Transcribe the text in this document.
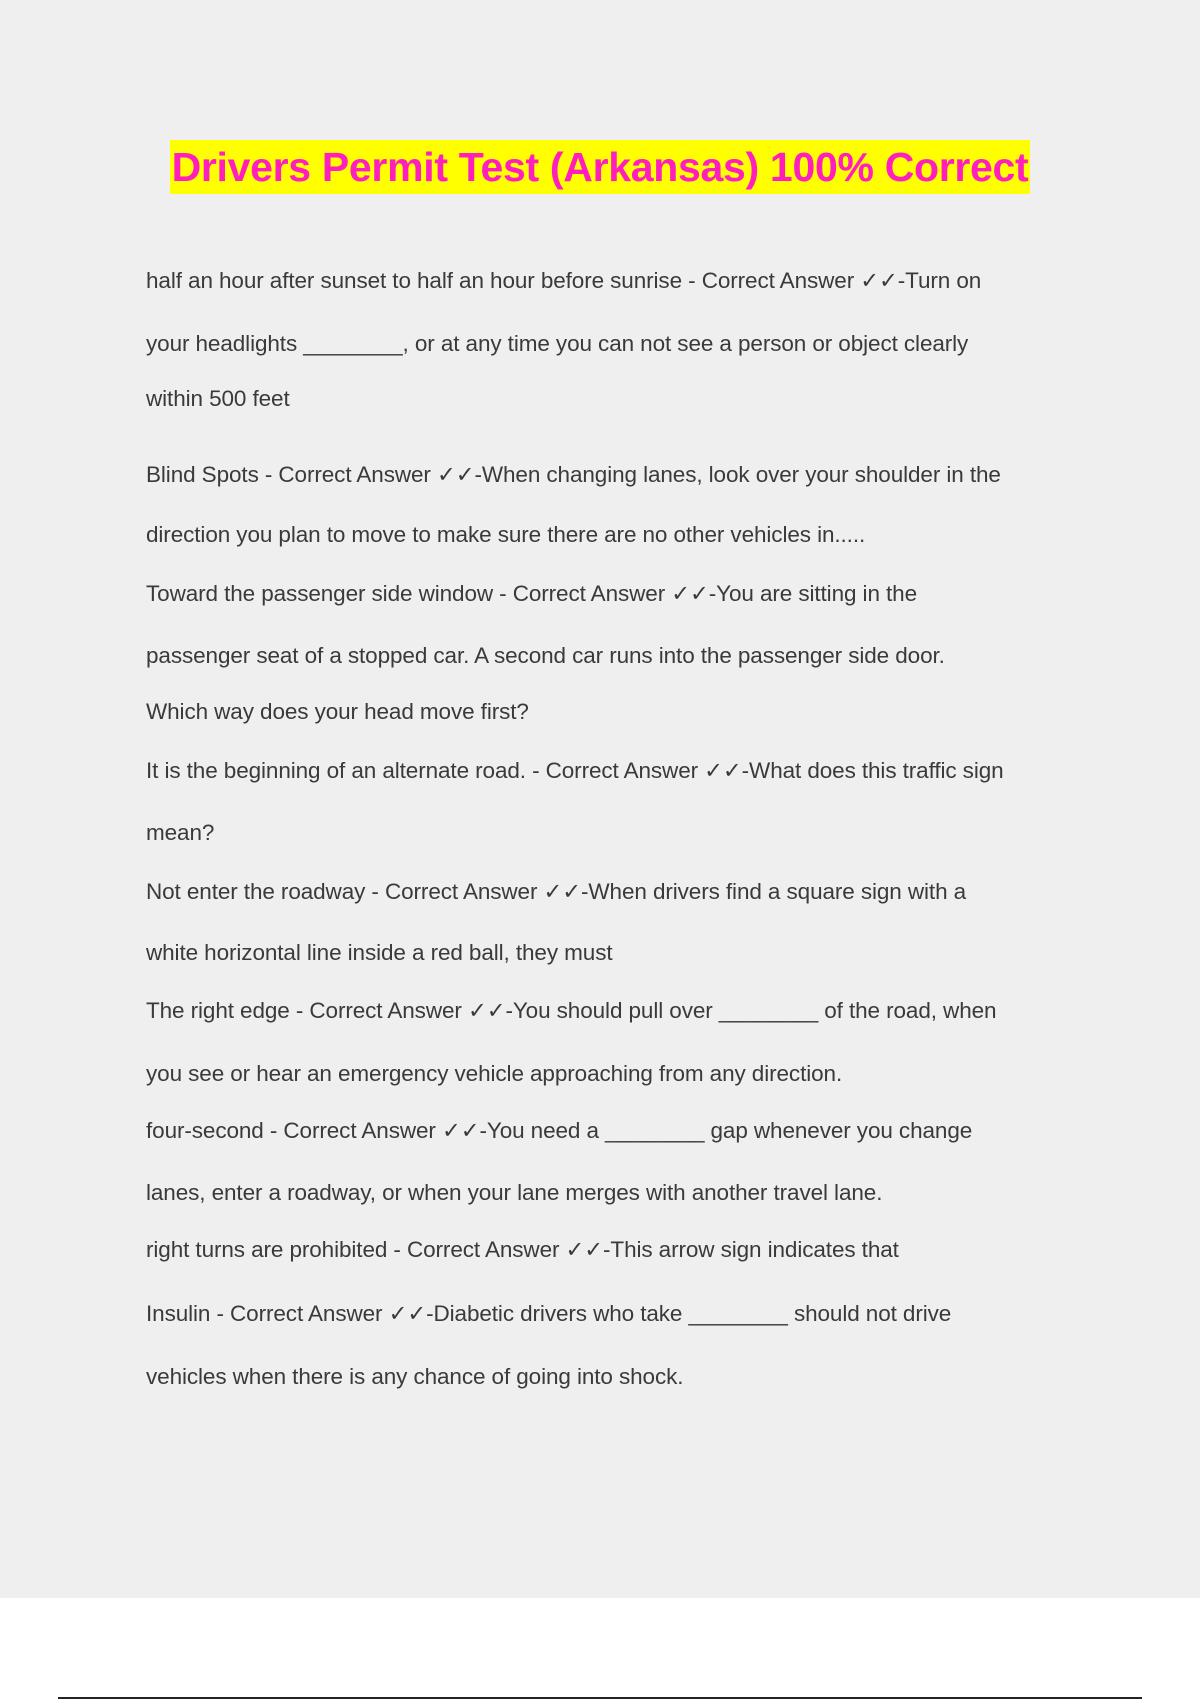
Drivers Permit Test (Arkansas) 100% Correct
half an hour after sunset to half an hour before sunrise - Correct Answer ✓✓-Turn on
your headlights ________, or at any time you can not see a person or object clearly
within 500 feet
Blind Spots - Correct Answer ✓✓-When changing lanes, look over your shoulder in the
direction you plan to move to make sure there are no other vehicles in.....
Toward the passenger side window - Correct Answer ✓✓-You are sitting in the
passenger seat of a stopped car. A second car runs into the passenger side door.
Which way does your head move first?
It is the beginning of an alternate road. - Correct Answer ✓✓-What does this traffic sign
mean?
Not enter the roadway - Correct Answer ✓✓-When drivers find a square sign with a
white horizontal line inside a red ball, they must
The right edge - Correct Answer ✓✓-You should pull over ________ of the road, when
you see or hear an emergency vehicle approaching from any direction.
four-second - Correct Answer ✓✓-You need a ________ gap whenever you change
lanes, enter a roadway, or when your lane merges with another travel lane.
right turns are prohibited - Correct Answer ✓✓-This arrow sign indicates that
Insulin - Correct Answer ✓✓-Diabetic drivers who take ________ should not drive
vehicles when there is any chance of going into shock.
